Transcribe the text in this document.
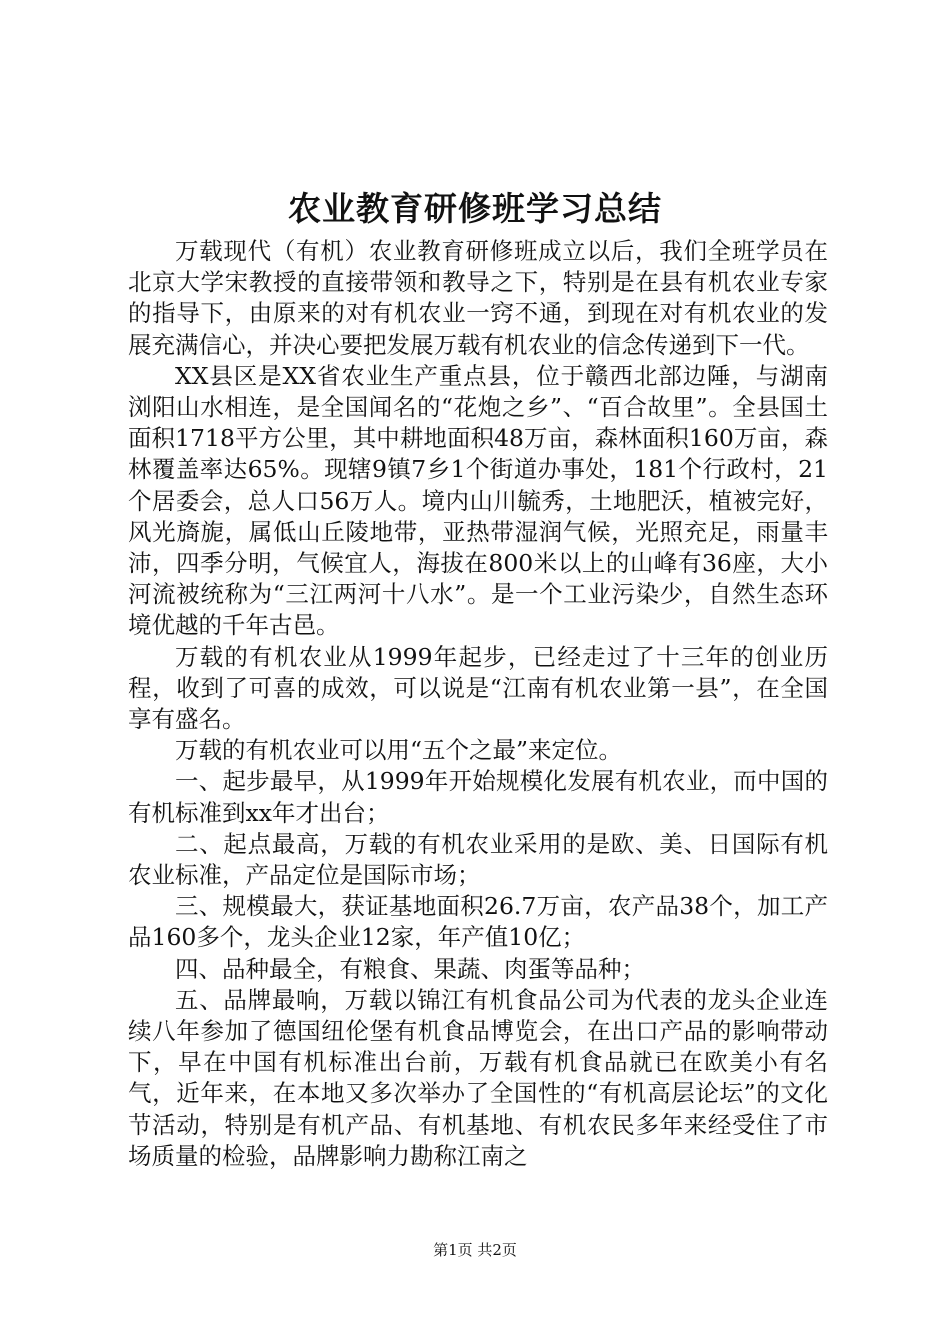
农业教育研修班学习总结

万载现代（有机）农业教育研修班成立以后，我们全班学员在北京大学宋教授的直接带领和教导之下，特别是在县有机农业专家的指导下，由原来的对有机农业一窍不通，到现在对有机农业的发展充满信心，并决心要把发展万载有机农业的信念传递到下一代。

XX县区是XX省农业生产重点县，位于赣西北部边陲，与湖南浏阳山水相连，是全国闻名的“花炮之乡”、“百合故里”。全县国土面积1718平方公里，其中耕地面积48万亩，森林面积160万亩，森林覆盖率达65%。现辖9镇7乡1个街道办事处，181个行政村，21个居委会，总人口56万人。境内山川毓秀，土地肥沃，植被完好，风光旖旎，属低山丘陵地带，亚热带湿润气候，光照充足，雨量丰沛，四季分明，气候宜人，海拔在800米以上的山峰有36座，大小河流被统称为“三江两河十八水”。是一个工业污染少，自然生态环境优越的千年古邑。

万载的有机农业从1999年起步，已经走过了十三年的创业历程，收到了可喜的成效，可以说是“江南有机农业第一县”，在全国享有盛名。

万载的有机农业可以用“五个之最”来定位。

一、起步最早，从1999年开始规模化发展有机农业，而中国的有机标准到xx年才出台；

二、起点最高，万载的有机农业采用的是欧、美、日国际有机农业标准，产品定位是国际市场；

三、规模最大，获证基地面积26.7万亩，农产品38个，加工产品160多个，龙头企业12家，年产值10亿；

四、品种最全，有粮食、果蔬、肉蛋等品种；

五、品牌最响，万载以锦江有机食品公司为代表的龙头企业连续八年参加了德国纽伦堡有机食品博览会，在出口产品的影响带动下，早在中国有机标准出台前，万载有机食品就已在欧美小有名气，近年来，在本地又多次举办了全国性的“有机高层论坛”的文化节活动，特别是有机产品、有机基地、有机农民多年来经受住了市场质量的检验，品牌影响力勘称江南之

第1页 共2页
